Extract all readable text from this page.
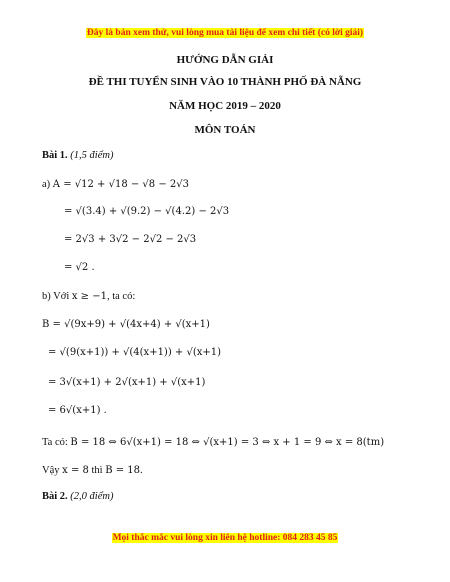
Đây là bản xem thử, vui lòng mua tài liệu để xem chi tiết (có lời giải)
HƯỚNG DẪN GIẢI
ĐỀ THI TUYỂN SINH VÀO 10 THÀNH PHỐ ĐÀ NẴNG
NĂM HỌC 2019 – 2020
MÔN TOÁN
Bài 1. (1,5 điểm)
a) A = √12 + √18 − √8 − 2√3
= √(3.4) + √(9.2) − √(4.2) − 2√3
= 2√3 + 3√2 − 2√2 − 2√3
= √2 .
b) Với x ≥ −1, ta có:
B = √(9x+9) + √(4x+4) + √(x+1)
= √(9(x+1)) + √(4(x+1)) + √(x+1)
= 3√(x+1) + 2√(x+1) + √(x+1)
= 6√(x+1) .
Ta có: B = 18 ⇔ 6√(x+1) = 18 ⇔ √(x+1) = 3 ⇔ x + 1 = 9 ⇔ x = 8(tm)
Vậy x = 8 thì B = 18.
Bài 2. (2,0 điểm)
Mọi thắc mắc vui lòng xin liên hệ hotline: 084 283 45 85
